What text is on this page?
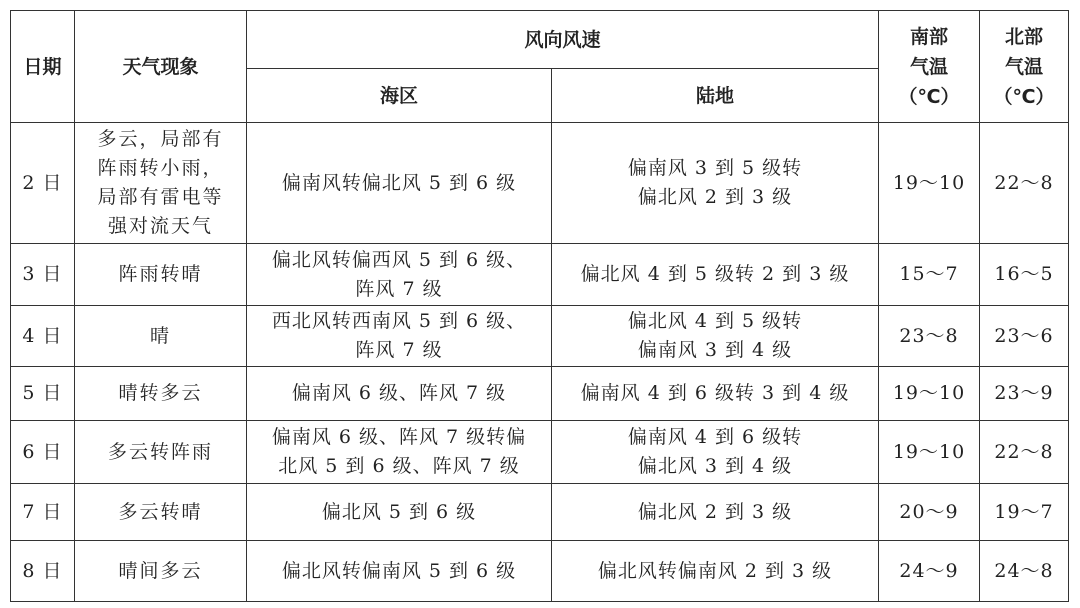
日期	天气现象	风向风速		南部
气温
（℃）	北部
气温
（℃）
		海区	陆地		
2 日	多云，局部有
阵雨转小雨，
局部有雷电等
强对流天气	偏南风转偏北风 5 到 6 级	偏南风 3 到 5 级转
偏北风 2 到 3 级	19～10	22～8
3 日	阵雨转晴	偏北风转偏西风 5 到 6 级、
阵风 7 级	偏北风 4 到 5 级转 2 到 3 级	15～7	16～5
4 日	晴	西北风转西南风 5 到 6 级、
阵风 7 级	偏北风 4 到 5 级转
偏南风 3 到 4 级	23～8	23～6
5 日	晴转多云	偏南风 6 级、阵风 7 级	偏南风 4 到 6 级转 3 到 4 级	19～10	23～9
6 日	多云转阵雨	偏南风 6 级、阵风 7 级转偏
北风 5 到 6 级、阵风 7 级	偏南风 4 到 6 级转
偏北风 3 到 4 级	19～10	22～8
7 日	多云转晴	偏北风 5 到 6 级	偏北风 2 到 3 级	20～9	19～7
8 日	晴间多云	偏北风转偏南风 5 到 6 级	偏北风转偏南风 2 到 3 级	24～9	24～8
